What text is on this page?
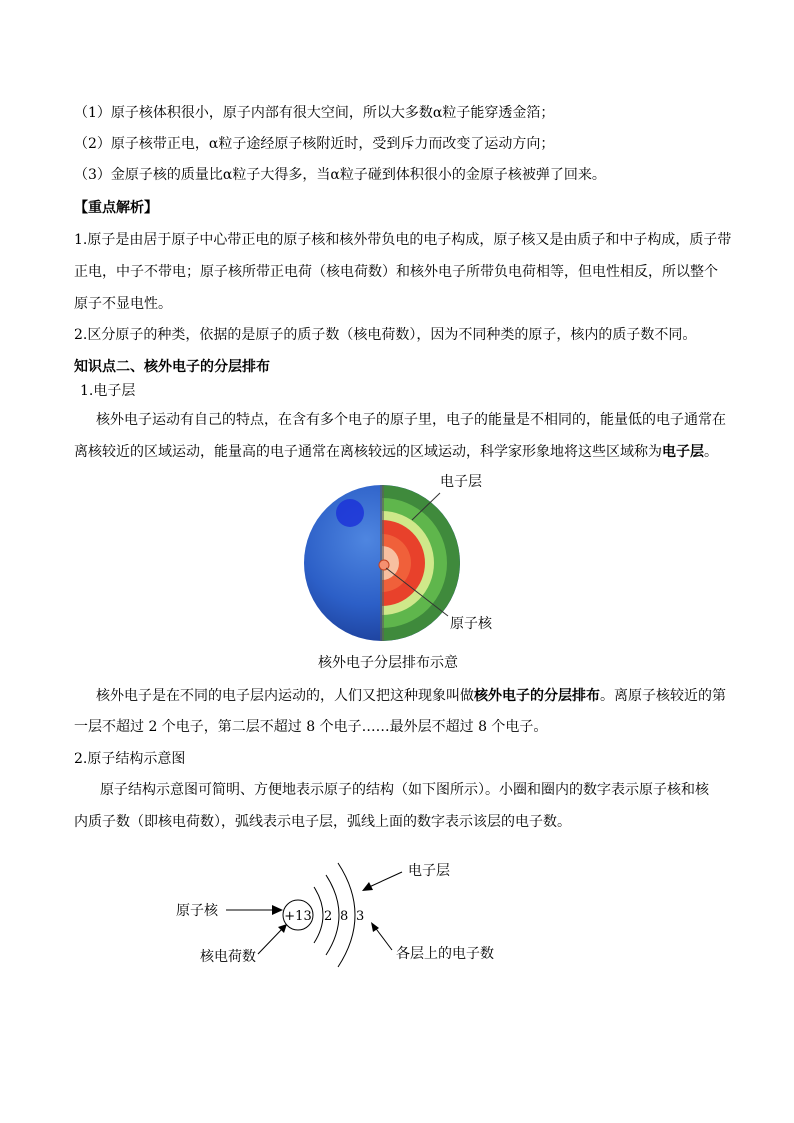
（1）原子核体积很小，原子内部有很大空间，所以大多数α粒子能穿透金箔；
（2）原子核带正电，α粒子途经原子核附近时，受到斥力而改变了运动方向；
（3）金原子核的质量比α粒子大得多，当α粒子碰到体积很小的金原子核被弹了回来。
【重点解析】
1.原子是由居于原子中心带正电的原子核和核外带负电的电子构成，原子核又是由质子和中子构成，质子带
正电，中子不带电；原子核所带正电荷（核电荷数）和核外电子所带负电荷相等，但电性相反，所以整个
原子不显电性。
2.区分原子的种类，依据的是原子的质子数（核电荷数），因为不同种类的原子，核内的质子数不同。
知识点二、核外电子的分层排布
1.电子层
核外电子运动有自己的特点，在含有多个电子的原子里，电子的能量是不相同的，能量低的电子通常在
离核较近的区域运动，能量高的电子通常在离核较远的区域运动，科学家形象地将这些区域称为电子层。
电子层
原子核
核外电子分层排布示意
核外电子是在不同的电子层内运动的，人们又把这种现象叫做核外电子的分层排布。离原子核较近的第
一层不超过 2 个电子，第二层不超过 8 个电子……最外层不超过 8 个电子。
2.原子结构示意图
原子结构示意图可简明、方便地表示原子的结构（如下图所示）。小圈和圈内的数字表示原子核和核
内质子数（即核电荷数），弧线表示电子层，弧线上面的数字表示该层的电子数。
原子核
核电荷数
电子层
各层上的电子数
+13 2 8 3
